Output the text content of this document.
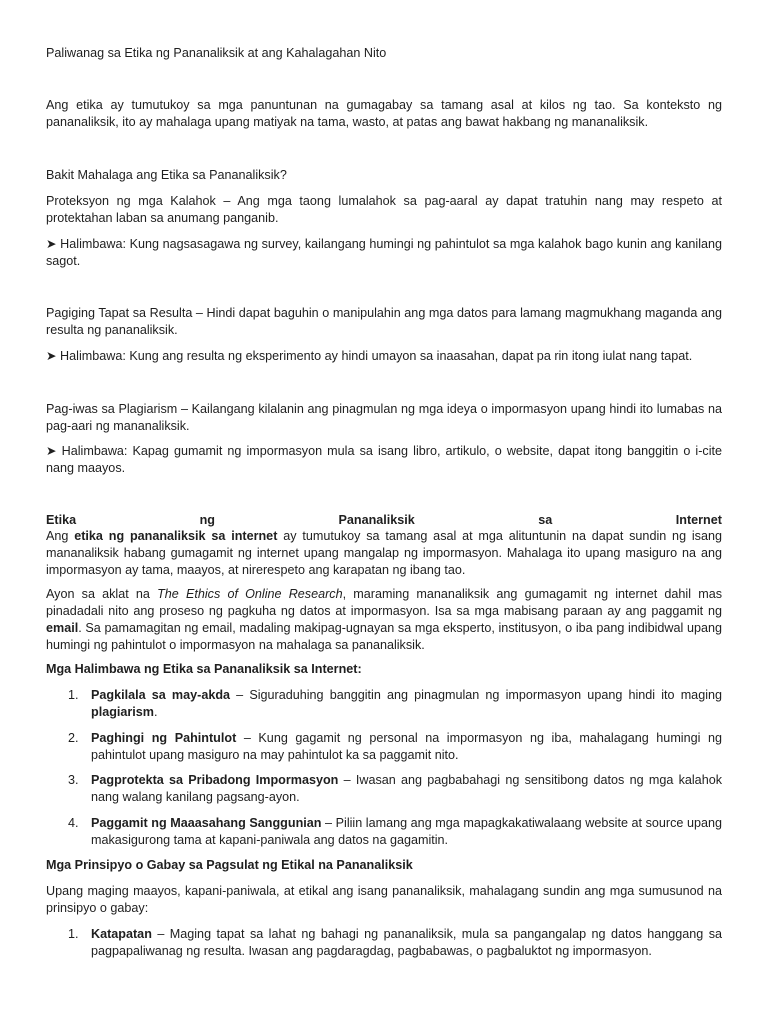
Paliwanag sa Etika ng Pananaliksik at ang Kahalagahan Nito

Ang etika ay tumutukoy sa mga panuntunan na gumagabay sa tamang asal at kilos ng tao. Sa konteksto ng pananaliksik, ito ay mahalaga upang matiyak na tama, wasto, at patas ang bawat hakbang ng mananaliksik.

Bakit Mahalaga ang Etika sa Pananaliksik?

Proteksyon ng mga Kalahok – Ang mga taong lumalahok sa pag-aaral ay dapat tratuhin nang may respeto at protektahan laban sa anumang panganib.

➤ Halimbawa: Kung nagsasagawa ng survey, kailangang humingi ng pahintulot sa mga kalahok bago kunin ang kanilang sagot.

Pagiging Tapat sa Resulta – Hindi dapat baguhin o manipulahin ang mga datos para lamang magmukhang maganda ang resulta ng pananaliksik.

➤ Halimbawa: Kung ang resulta ng eksperimento ay hindi umayon sa inaasahan, dapat pa rin itong iulat nang tapat.

Pag-iwas sa Plagiarism – Kailangang kilalanin ang pinagmulan ng mga ideya o impormasyon upang hindi ito lumabas na pag-aari ng mananaliksik.

➤ Halimbawa: Kapag gumamit ng impormasyon mula sa isang libro, artikulo, o website, dapat itong banggitin o i-cite nang maayos.

Etika	ng	Pananaliksik	sa	Internet

Ang etika ng pananaliksik sa internet ay tumutukoy sa tamang asal at mga alituntunin na dapat sundin ng isang mananaliksik habang gumagamit ng internet upang mangalap ng impormasyon. Mahalaga ito upang masiguro na ang impormasyon ay tama, maayos, at nirerespeto ang karapatan ng ibang tao.

Ayon sa aklat na The Ethics of Online Research, maraming mananaliksik ang gumagamit ng internet dahil mas pinadadali nito ang proseso ng pagkuha ng datos at impormasyon. Isa sa mga mabisang paraan ay ang paggamit ng email. Sa pamamagitan ng email, madaling makipag-ugnayan sa mga eksperto, institusyon, o iba pang indibidwal upang humingi ng pahintulot o impormasyon na mahalaga sa pananaliksik.

Mga Halimbawa ng Etika sa Pananaliksik sa Internet:

1. Pagkilala sa may-akda – Siguraduhing banggitin ang pinagmulan ng impormasyon upang hindi ito maging plagiarism.

2. Paghingi ng Pahintulot – Kung gagamit ng personal na impormasyon ng iba, mahalagang humingi ng pahintulot upang masiguro na may pahintulot ka sa paggamit nito.

3. Pagprotekta sa Pribadong Impormasyon – Iwasan ang pagbabahagi ng sensitibong datos ng mga kalahok nang walang kanilang pagsang-ayon.

4. Paggamit ng Maaasahang Sanggunian – Piliin lamang ang mga mapagkakatiwalaang website at source upang makasigurong tama at kapani-paniwala ang datos na gagamitin.

Mga Prinsipyo o Gabay sa Pagsulat ng Etikal na Pananaliksik

Upang maging maayos, kapani-paniwala, at etikal ang isang pananaliksik, mahalagang sundin ang mga sumusunod na prinsipyo o gabay:

1. Katapatan – Maging tapat sa lahat ng bahagi ng pananaliksik, mula sa pangangalap ng datos hanggang sa pagpapaliwanag ng resulta. Iwasan ang pagdaragdag, pagbabawas, o pagbaluktot ng impormasyon.
